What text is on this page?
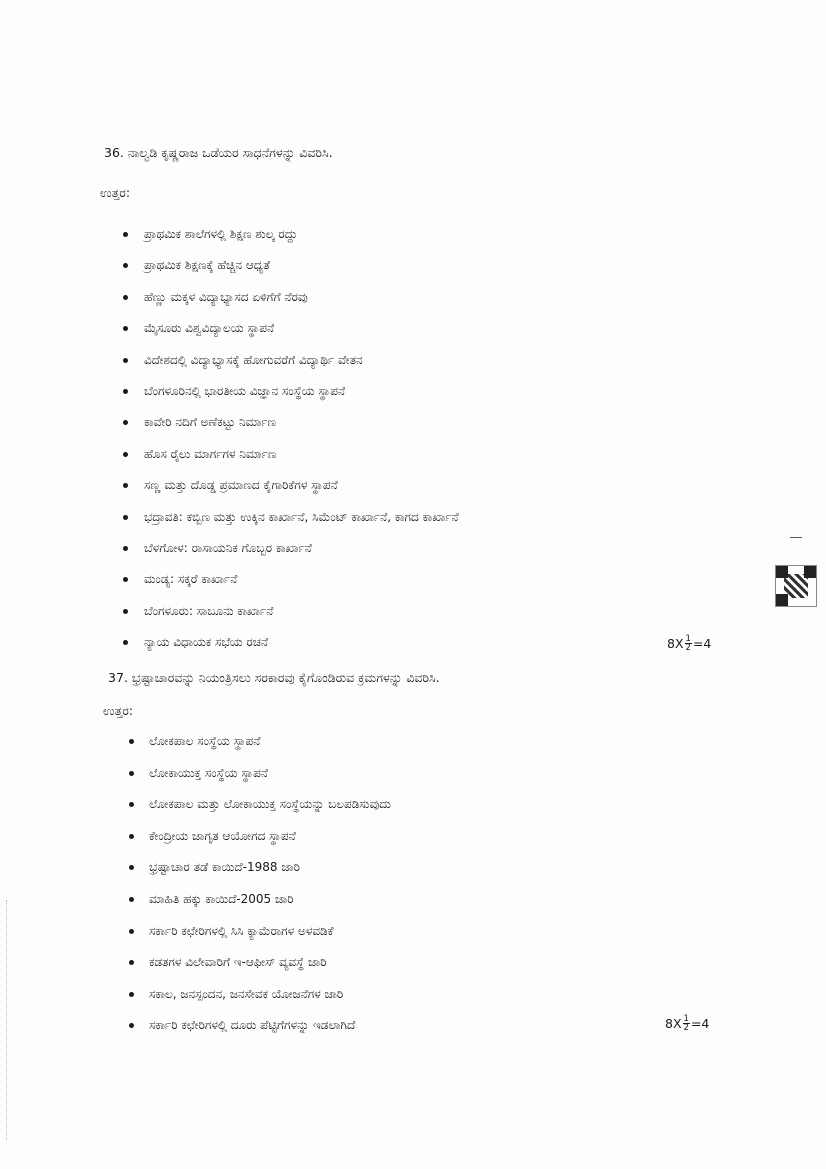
36. ನಾಲ್ವಡಿ ಕೃಷ್ಣರಾಜ ಒಡೆಯರ ಸಾಧನೆಗಳನ್ನು ವಿವರಿಸಿ.
ಉತ್ತರ:
ಪ್ರಾಥಮಿಕ ಶಾಲೆಗಳಲ್ಲಿ ಶಿಕ್ಷಣ ಶುಲ್ಕ ರದ್ದು
ಪ್ರಾಥಮಿಕ ಶಿಕ್ಷಣಕ್ಕೆ ಹೆಚ್ಚಿನ ಆಧ್ಯತೆ
ಹೆಣ್ಣು ಮಕ್ಕಳ ವಿದ್ಯಾಭ್ಯಾಸದ ಏಳಿಗೆಗೆ ನೆರವು
ಮೈಸೂರು ವಿಶ್ವವಿದ್ಯಾಲಯ ಸ್ಥಾಪನೆ
ವಿದೇಶದಲ್ಲಿ ವಿದ್ಯಾಭ್ಯಾಸಕ್ಕೆ ಹೋಗುವರೆಗೆ ವಿದ್ಯಾರ್ಥಿ ವೇತನ
ಬೆಂಗಳೂರಿನಲ್ಲಿ ಭಾರತೀಯ ವಿಜ್ಞಾನ ಸಂಸ್ಥೆಯ ಸ್ಥಾಪನೆ
ಕಾವೇರಿ ನದಿಗೆ ಅಣೆಕಟ್ಟು ನಿರ್ಮಾಣ
ಹೊಸ ರೈಲು ಮಾರ್ಗಗಳ ನಿರ್ಮಾಣ
ಸಣ್ಣ ಮತ್ತು ದೊಡ್ಡ ಪ್ರಮಾಣದ ಕೈಗಾರಿಕೆಗಳ ಸ್ಥಾಪನೆ
ಭದ್ರಾವತಿ: ಕಬ್ಬಿಣ ಮತ್ತು ಉಕ್ಕಿನ ಕಾರ್ಖಾನೆ, ಸಿಮೆಂಟ್ ಕಾರ್ಖಾನೆ, ಕಾಗದ ಕಾರ್ಖಾನೆ
ಬೆಳಗೋಳ: ರಾಸಾಯನಿಕ ಗೊಬ್ಬರ ಕಾರ್ಖಾನೆ
ಮಂಡ್ಯ: ಸಕ್ಕರೆ ಕಾರ್ಖಾನೆ
ಬೆಂಗಳೂರು: ಸಾಬೂನು ಕಾರ್ಖಾನೆ
ನ್ಯಾಯ ವಿಧಾಯಕ ಸಭೆಯ ರಚನೆ	$8X \frac{1}{2} =4$
37. ಭ್ರಷ್ಟಾಚಾರವನ್ನು ನಿಯಂತ್ರಿಸಲು ಸರಕಾರವು ಕೈಗೊಂಡಿರುವ ಕ್ರಮಗಳನ್ನು ವಿವರಿಸಿ.
ಉತ್ತರ:
ಲೋಕಪಾಲ ಸಂಸ್ಥೆಯ ಸ್ಥಾಪನೆ
ಲೋಕಾಯುಕ್ತ ಸಂಸ್ಥೆಯ ಸ್ಥಾಪನೆ
ಲೋಕಪಾಲ ಮತ್ತು ಲೋಕಾಯುಕ್ತ ಸಂಸ್ಥೆಯನ್ನು ಬಲಪಡಿಸುವುದು
ಕೇಂದ್ರೀಯ ಜಾಗೃತ ಆಯೋಗದ ಸ್ಥಾಪನೆ
ಭ್ರಷ್ಟಾಚಾರ ತಡೆ ಕಾಯಿದೆ-1988 ಜಾರಿ
ಮಾಹಿತಿ ಹಕ್ಕು ಕಾಯಿದೆ-2005 ಜಾರಿ
ಸರ್ಕಾರಿ ಕಛೇರಿಗಳಲ್ಲಿ ಸಿಸಿ ಕ್ಯಾಮೆರಾಗಳ ಅಳವಡಿಕೆ
ಕಡತಗಳ ವಿಲೇವಾರಿಗೆ ಇ-ಆಫೀಸ್ ವ್ಯವಸ್ಥೆ ಜಾರಿ
ಸಕಾಲ, ಜನಸ್ಪಂದನ, ಜನಸೇವಕ ಯೋಜನೆಗಳ ಜಾರಿ
ಸರ್ಕಾರಿ ಕಛೇರಿಗಳಲ್ಲಿ ದೂರು ಪೆಟ್ಟಿಗೆಗಳನ್ನು ಇಡಲಾಗಿದೆ	$8X \frac{1}{2} =4$
